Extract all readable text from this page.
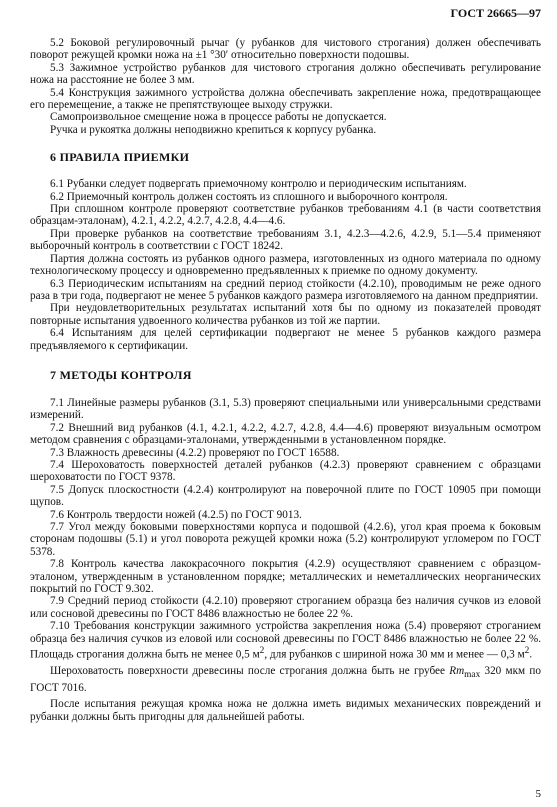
ГОСТ 26665—97

5.2 Боковой регулировочный рычаг (у рубанков для чистового строгания) должен обеспечивать поворот режущей кромки ножа на ±1 °30′ относительно поверхности подошвы.

5.3 Зажимное устройство рубанков для чистового строгания должно обеспечивать регулирование ножа на расстояние не более 3 мм.

5.4 Конструкция зажимного устройства должна обеспечивать закрепление ножа, предотвращающее его перемещение, а также не препятствующее выходу стружки.

Самопроизвольное смещение ножа в процессе работы не допускается.

Ручка и рукоятка должны неподвижно крепиться к корпусу рубанка.

6 ПРАВИЛА ПРИЕМКИ

6.1 Рубанки следует подвергать приемочному контролю и периодическим испытаниям.

6.2 Приемочный контроль должен состоять из сплошного и выборочного контроля.

При сплошном контроле проверяют соответствие рубанков требованиям 4.1 (в части соответствия образцам-эталонам), 4.2.1, 4.2.2, 4.2.7, 4.2.8, 4.4—4.6.

При проверке рубанков на соответствие требованиям 3.1, 4.2.3—4.2.6, 4.2.9, 5.1—5.4 применяют выборочный контроль в соответствии с ГОСТ 18242.

Партия должна состоять из рубанков одного размера, изготовленных из одного материала по одному технологическому процессу и одновременно предъявленных к приемке по одному документу.

6.3 Периодическим испытаниям на средний период стойкости (4.2.10), проводимым не реже одного раза в три года, подвергают не менее 5 рубанков каждого размера изготовляемого на данном предприятии.

При неудовлетворительных результатах испытаний хотя бы по одному из показателей проводят повторные испытания удвоенного количества рубанков из той же партии.

6.4 Испытаниям для целей сертификации подвергают не менее 5 рубанков каждого размера предъявляемого к сертификации.

7 МЕТОДЫ КОНТРОЛЯ

7.1 Линейные размеры рубанков (3.1, 5.3) проверяют специальными или универсальными средствами измерений.

7.2 Внешний вид рубанков (4.1, 4.2.1, 4.2.2, 4.2.7, 4.2.8, 4.4—4.6) проверяют визуальным осмотром методом сравнения с образцами-эталонами, утвержденными в установленном порядке.

7.3 Влажность древесины (4.2.2) проверяют по ГОСТ 16588.

7.4 Шероховатость поверхностей деталей рубанков (4.2.3) проверяют сравнением с образцами шероховатости по ГОСТ 9378.

7.5 Допуск плоскостности (4.2.4) контролируют на поверочной плите по ГОСТ 10905 при помощи щупов.

7.6 Контроль твердости ножей (4.2.5) по ГОСТ 9013.

7.7 Угол между боковыми поверхностями корпуса и подошвой (4.2.6), угол края проема к боковым сторонам подошвы (5.1) и угол поворота режущей кромки ножа (5.2) контролируют угломером по ГОСТ 5378.

7.8 Контроль качества лакокрасочного покрытия (4.2.9) осуществляют сравнением с образцом-эталоном, утвержденным в установленном порядке; металлических и неметаллических неорганических покрытий по ГОСТ 9.302.

7.9 Средний период стойкости (4.2.10) проверяют строганием образца без наличия сучков из еловой или сосновой древесины по ГОСТ 8486 влажностью не более 22 %.

7.10 Требования конструкции зажимного устройства закрепления ножа (5.4) проверяют строганием образца без наличия сучков из еловой или сосновой древесины по ГОСТ 8486 влажностью не более 22 %. Площадь строгания должна быть не менее 0,5 $м^2$, для рубанков с шириной ножа 30 мм и менее — 0,3 $м^2$.

Шероховатость поверхности древесины после строгания должна быть не грубее $Rm_{max}$ 320 мкм по ГОСТ 7016.

После испытания режущая кромка ножа не должна иметь видимых механических повреждений и рубанки должны быть пригодны для дальнейшей работы.

5
